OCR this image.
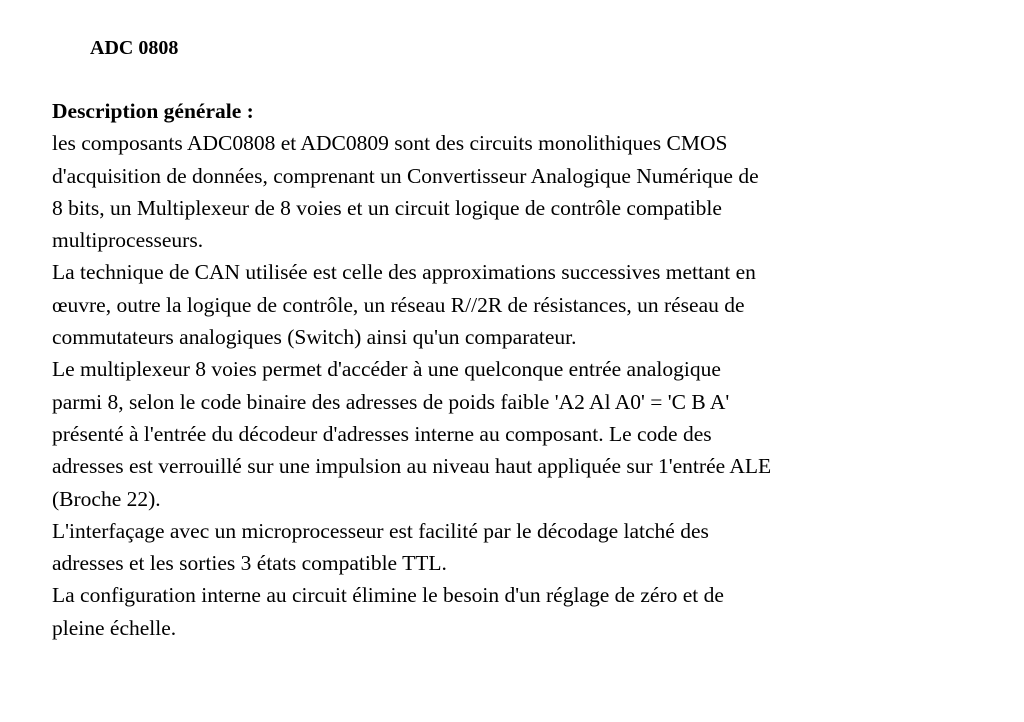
ADC 0808
Description générale :
les composants ADC0808 et ADC0809 sont des circuits monolithiques CMOS
d'acquisition de données, comprenant un Convertisseur Analogique Numérique de
8 bits, un Multiplexeur de 8 voies et un circuit logique de contrôle compatible
multiprocesseurs.
La technique de CAN utilisée est celle des approximations successives mettant en
œuvre, outre la logique de contrôle, un réseau R//2R de résistances, un réseau de
commutateurs analogiques (Switch) ainsi qu'un comparateur.
Le multiplexeur 8 voies permet d'accéder à une quelconque entrée analogique
parmi 8, selon le code binaire des adresses de poids faible 'A2 Al A0' = 'C B A'
présenté à l'entrée du décodeur d'adresses interne au composant. Le code des
adresses est verrouillé sur une impulsion au niveau haut appliquée sur 1'entrée ALE
(Broche 22).
L'interfaçage avec un microprocesseur est facilité par le décodage latché des
adresses et les sorties 3 états compatible TTL.
La configuration interne au circuit élimine le besoin d'un réglage de zéro et de
pleine échelle.
